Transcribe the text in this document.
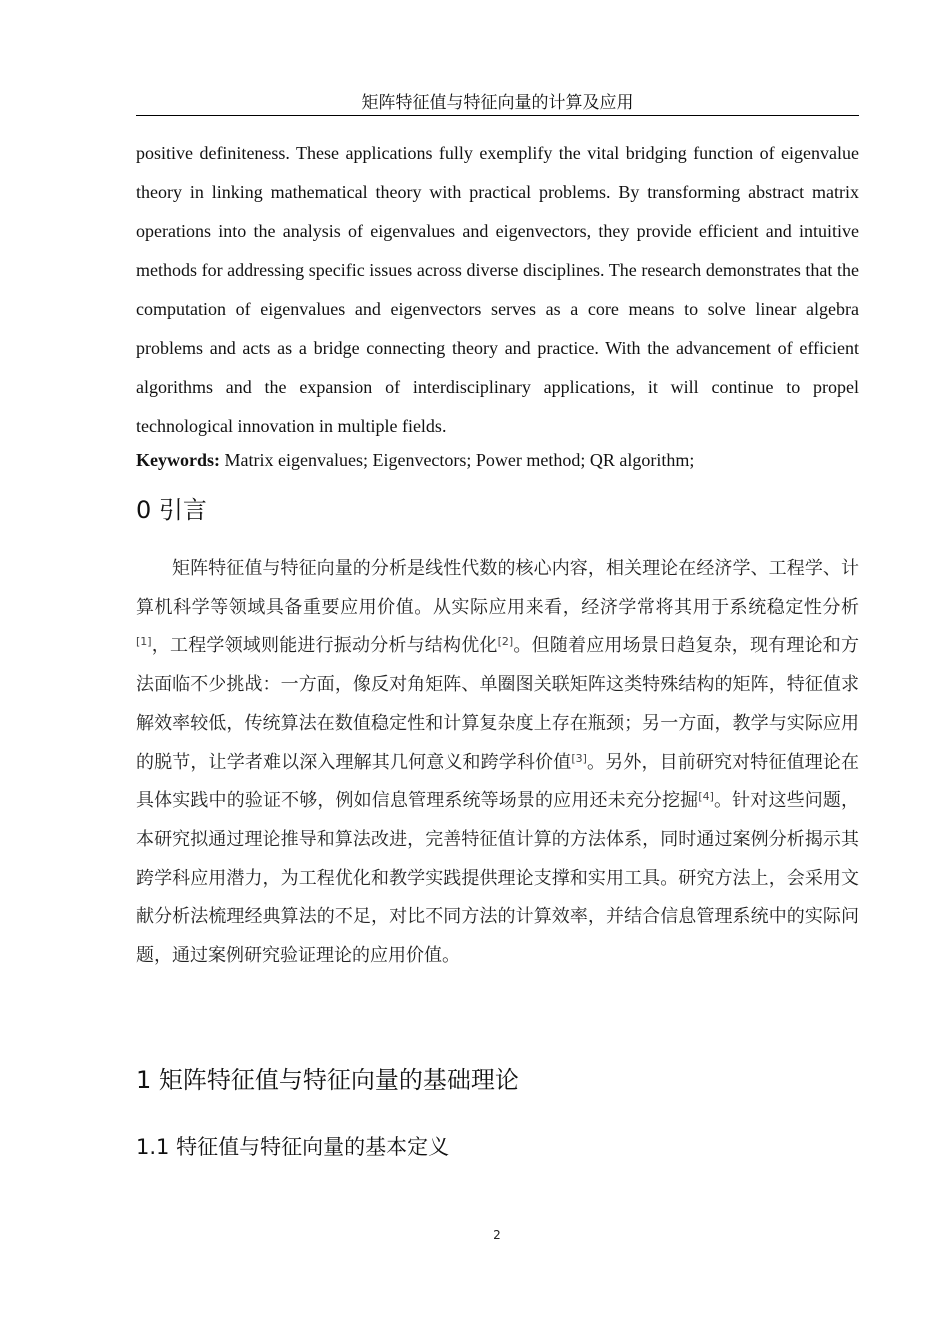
矩阵特征值与特征向量的计算及应用

positive definiteness. These applications fully exemplify the vital bridging function of eigenvalue theory in linking mathematical theory with practical problems. By transforming abstract matrix operations into the analysis of eigenvalues and eigenvectors, they provide efficient and intuitive methods for addressing specific issues across diverse disciplines. The research demonstrates that the computation of eigenvalues and eigenvectors serves as a core means to solve linear algebra problems and acts as a bridge connecting theory and practice. With the advancement of efficient algorithms and the expansion of interdisciplinary applications, it will continue to propel technological innovation in multiple fields.

Keywords: Matrix eigenvalues; Eigenvectors; Power method; QR algorithm;
0 引言
矩阵特征值与特征向量的分析是线性代数的核心内容，相关理论在经济学、工程学、计算机科学等领域具备重要应用价值。从实际应用来看，经济学常将其用于系统稳定性分析[1]，工程学领域则能进行振动分析与结构优化[2]。但随着应用场景日趋复杂，现有理论和方法面临不少挑战：一方面，像反对角矩阵、单圈图关联矩阵这类特殊结构的矩阵，特征值求解效率较低，传统算法在数值稳定性和计算复杂度上存在瓶颈；另一方面，教学与实际应用的脱节，让学者难以深入理解其几何意义和跨学科价值[3]。另外，目前研究对特征值理论在具体实践中的验证不够，例如信息管理系统等场景的应用还未充分挖掘[4]。针对这些问题，本研究拟通过理论推导和算法改进，完善特征值计算的方法体系，同时通过案例分析揭示其跨学科应用潜力，为工程优化和教学实践提供理论支撑和实用工具。研究方法上，会采用文献分析法梳理经典算法的不足，对比不同方法的计算效率，并结合信息管理系统中的实际问题，通过案例研究验证理论的应用价值。
1 矩阵特征值与特征向量的基础理论
1.1 特征值与特征向量的基本定义
2
